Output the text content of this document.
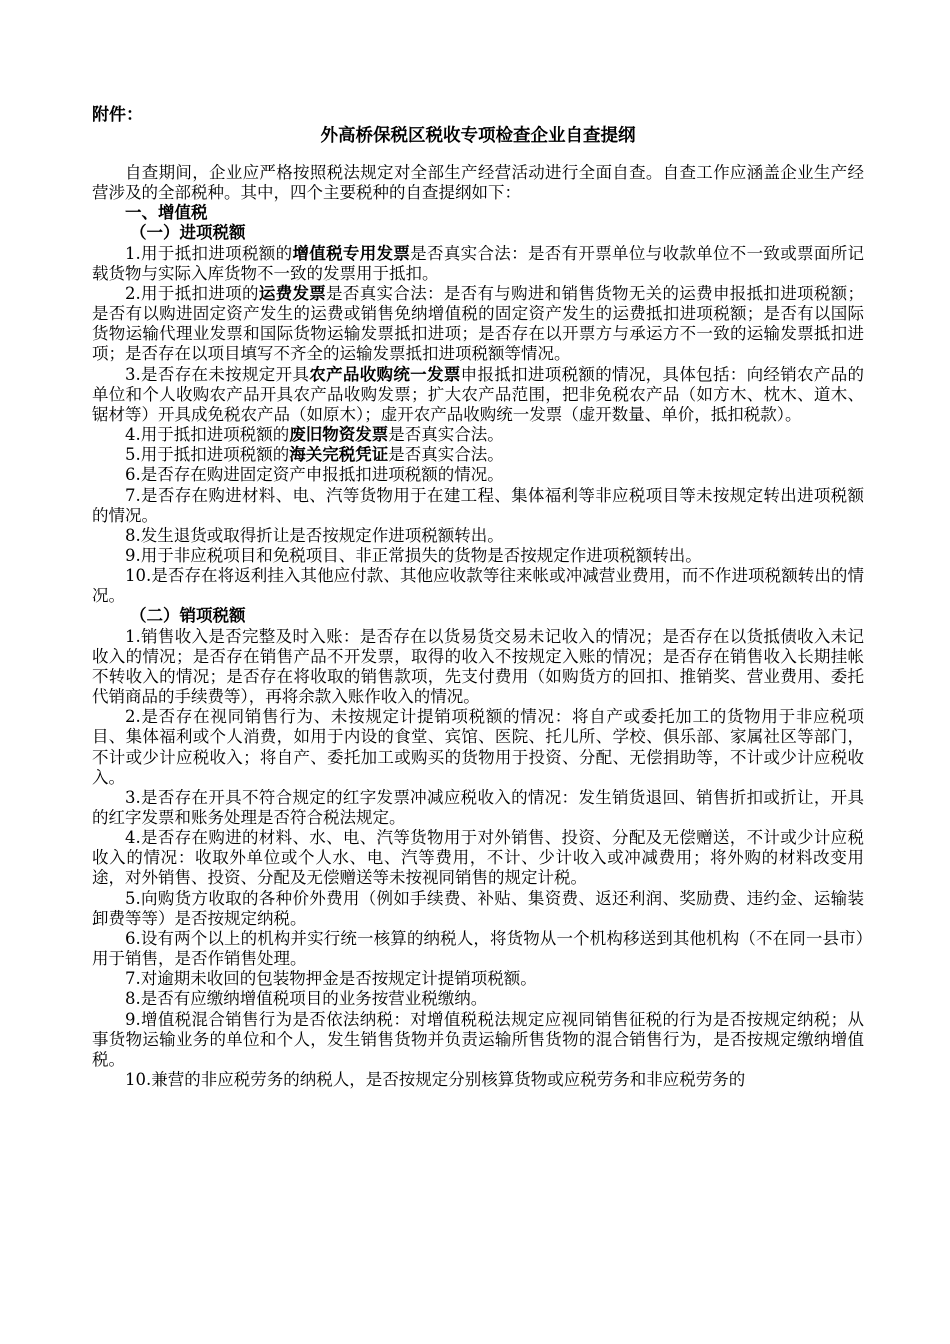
附件：
外高桥保税区税收专项检查企业自查提纲

自查期间，企业应严格按照税法规定对全部生产经营活动进行全面自查。自查工作应涵盖企业生产经营涉及的全部税种。其中，四个主要税种的自查提纲如下：

一、增值税

（一）进项税额

1.用于抵扣进项税额的增值税专用发票是否真实合法：是否有开票单位与收款单位不一致或票面所记载货物与实际入库货物不一致的发票用于抵扣。

2.用于抵扣进项的运费发票是否真实合法：是否有与购进和销售货物无关的运费申报抵扣进项税额；是否有以购进固定资产发生的运费或销售免纳增值税的固定资产发生的运费抵扣进项税额；是否有以国际货物运输代理业发票和国际货物运输发票抵扣进项；是否存在以开票方与承运方不一致的运输发票抵扣进项；是否存在以项目填写不齐全的运输发票抵扣进项税额等情况。

3.是否存在未按规定开具农产品收购统一发票申报抵扣进项税额的情况，具体包括：向经销农产品的单位和个人收购农产品开具农产品收购发票；扩大农产品范围，把非免税农产品（如方木、枕木、道木、锯材等）开具成免税农产品（如原木）；虚开农产品收购统一发票（虚开数量、单价，抵扣税款）。

4.用于抵扣进项税额的废旧物资发票是否真实合法。

5.用于抵扣进项税额的海关完税凭证是否真实合法。

6.是否存在购进固定资产申报抵扣进项税额的情况。

7.是否存在购进材料、电、汽等货物用于在建工程、集体福利等非应税项目等未按规定转出进项税额的情况。

8.发生退货或取得折让是否按规定作进项税额转出。

9.用于非应税项目和免税项目、非正常损失的货物是否按规定作进项税额转出。

10.是否存在将返利挂入其他应付款、其他应收款等往来帐或冲减营业费用，而不作进项税额转出的情况。

（二）销项税额

1.销售收入是否完整及时入账：是否存在以货易货交易未记收入的情况；是否存在以货抵债收入未记收入的情况；是否存在销售产品不开发票，取得的收入不按规定入账的情况；是否存在销售收入长期挂帐不转收入的情况；是否存在将收取的销售款项，先支付费用（如购货方的回扣、推销奖、营业费用、委托代销商品的手续费等），再将余款入账作收入的情况。

2.是否存在视同销售行为、未按规定计提销项税额的情况：将自产或委托加工的货物用于非应税项目、集体福利或个人消费，如用于内设的食堂、宾馆、医院、托儿所、学校、俱乐部、家属社区等部门，不计或少计应税收入；将自产、委托加工或购买的货物用于投资、分配、无偿捐助等，不计或少计应税收入。

3.是否存在开具不符合规定的红字发票冲减应税收入的情况：发生销货退回、销售折扣或折让，开具的红字发票和账务处理是否符合税法规定。

4.是否存在购进的材料、水、电、汽等货物用于对外销售、投资、分配及无偿赠送，不计或少计应税收入的情况：收取外单位或个人水、电、汽等费用，不计、少计收入或冲减费用；将外购的材料改变用途，对外销售、投资、分配及无偿赠送等未按视同销售的规定计税。

5.向购货方收取的各种价外费用（例如手续费、补贴、集资费、返还利润、奖励费、违约金、运输装卸费等等）是否按规定纳税。

6.设有两个以上的机构并实行统一核算的纳税人，将货物从一个机构移送到其他机构（不在同一县市）用于销售，是否作销售处理。

7.对逾期未收回的包装物押金是否按规定计提销项税额。

8.是否有应缴纳增值税项目的业务按营业税缴纳。

9.增值税混合销售行为是否依法纳税：对增值税税法规定应视同销售征税的行为是否按规定纳税；从事货物运输业务的单位和个人，发生销售货物并负责运输所售货物的混合销售行为，是否按规定缴纳增值税。

10.兼营的非应税劳务的纳税人，是否按规定分别核算货物或应税劳务和非应税劳务的
